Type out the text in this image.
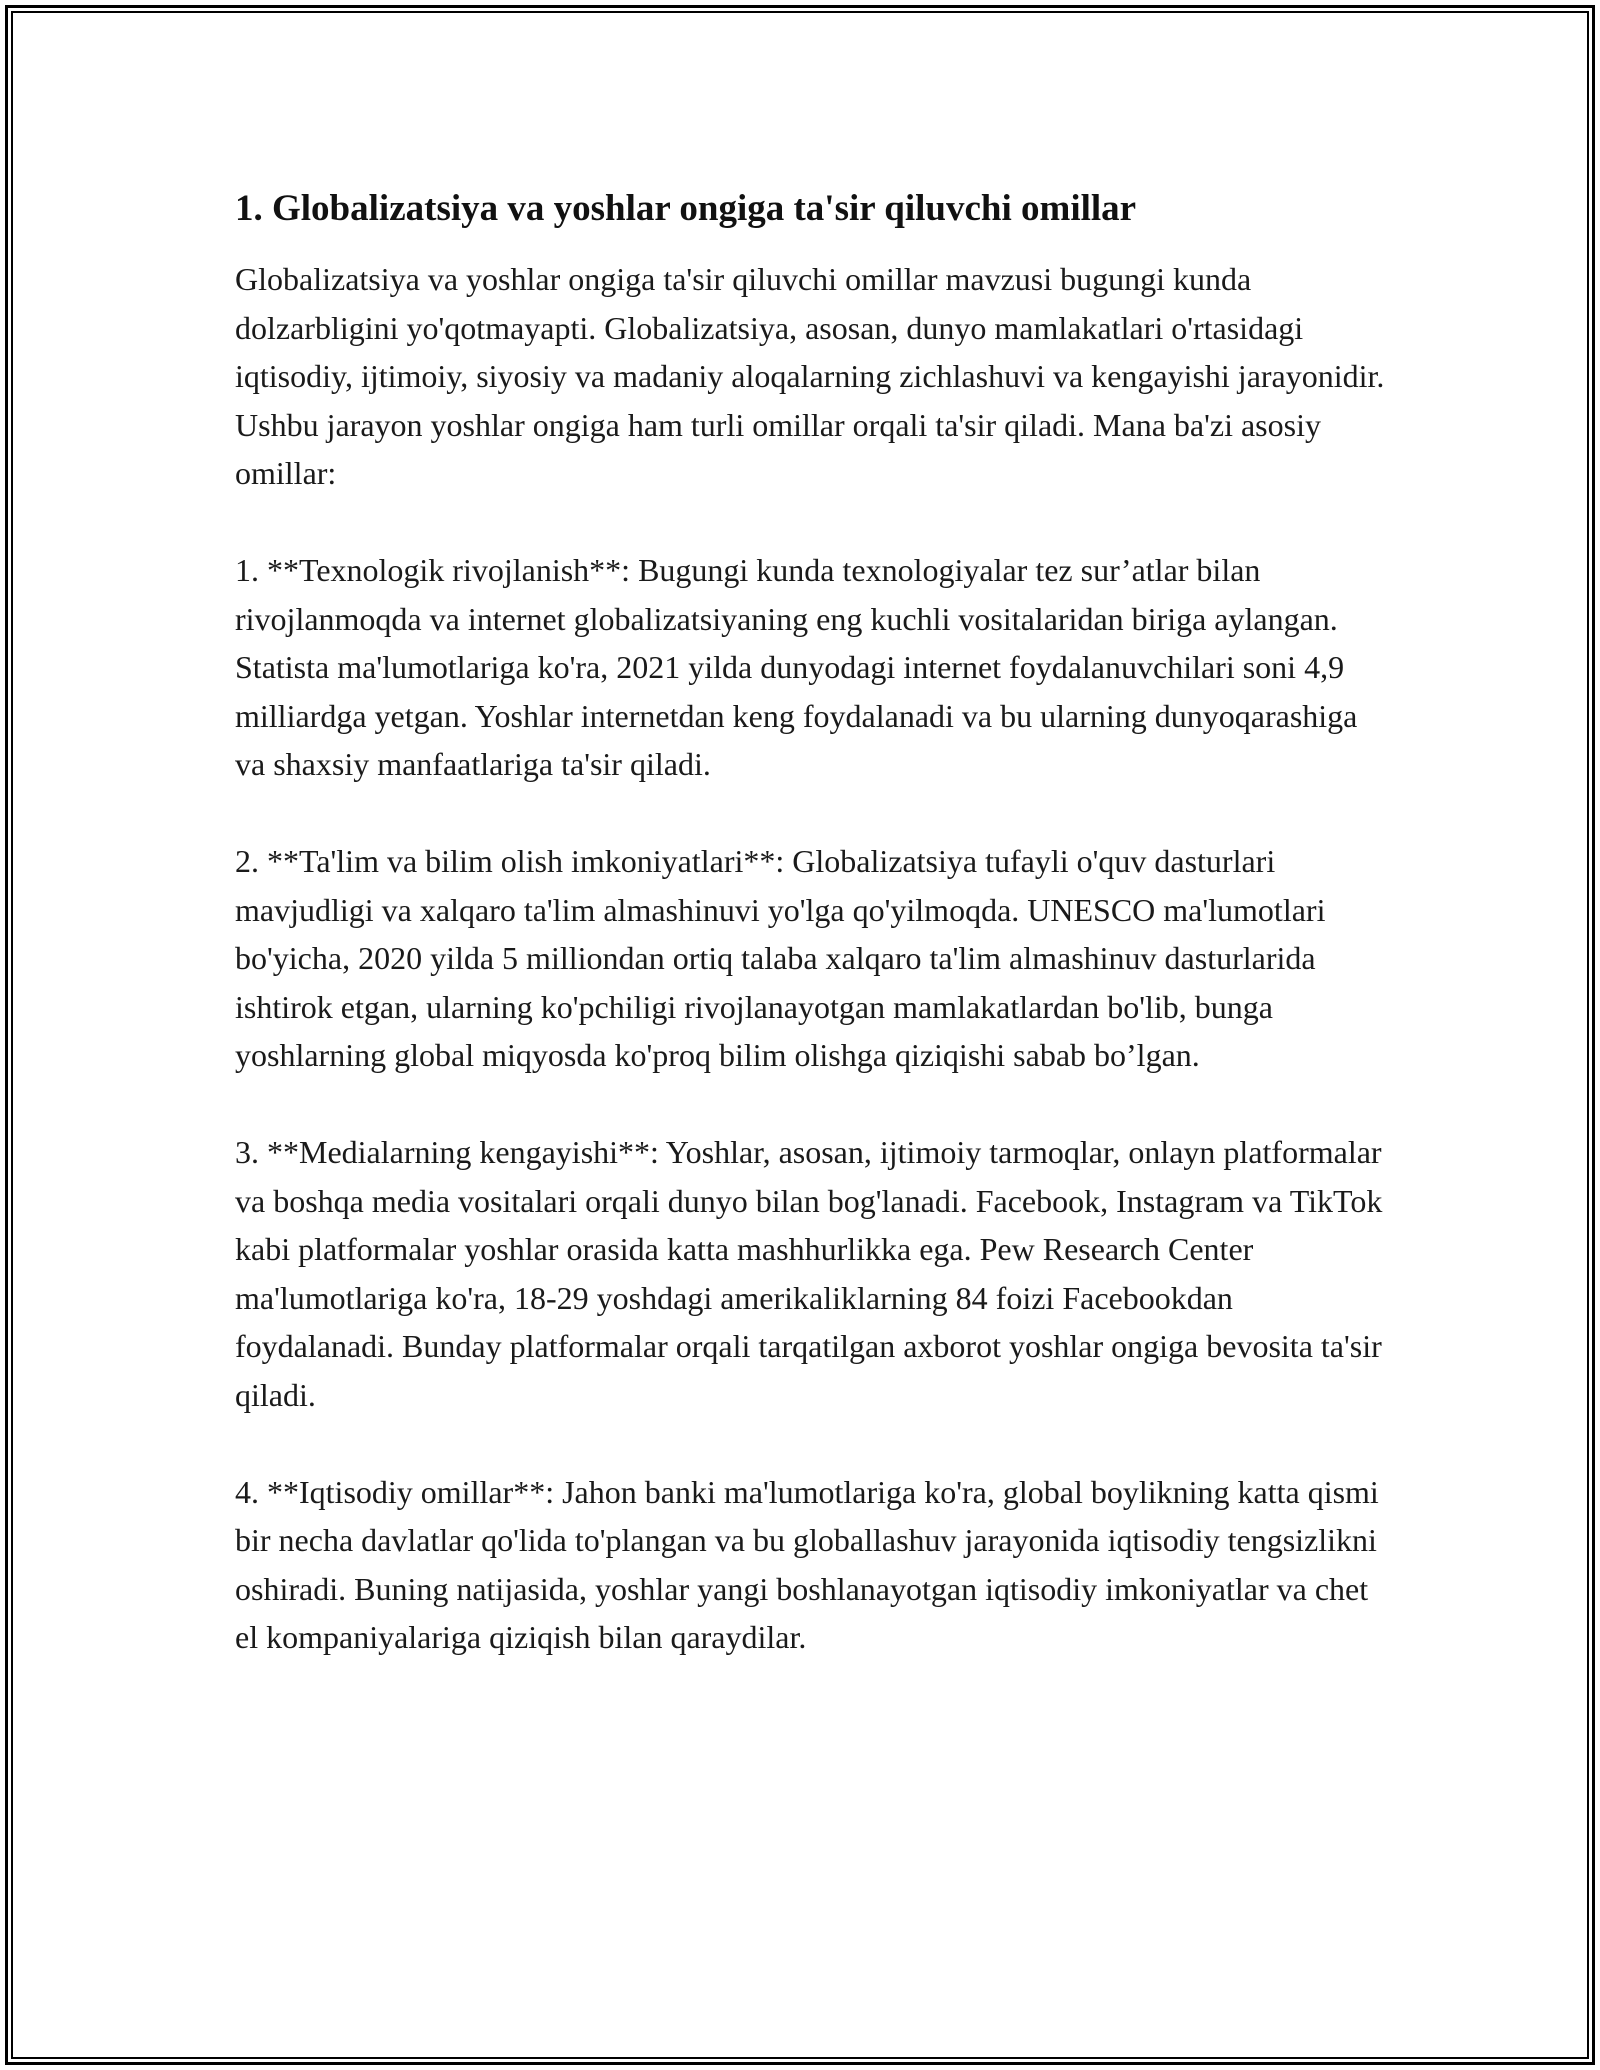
1. Globalizatsiya va yoshlar ongiga ta'sir qiluvchi omillar

Globalizatsiya va yoshlar ongiga ta'sir qiluvchi omillar mavzusi bugungi kunda dolzarbligini yo'qotmayapti. Globalizatsiya, asosan, dunyo mamlakatlari o'rtasidagi iqtisodiy, ijtimoiy, siyosiy va madaniy aloqalarning zichlashuvi va kengayishi jarayonidir. Ushbu jarayon yoshlar ongiga ham turli omillar orqali ta'sir qiladi. Mana ba'zi asosiy omillar:

1. **Texnologik rivojlanish**: Bugungi kunda texnologiyalar tez sur’atlar bilan rivojlanmoqda va internet globalizatsiyaning eng kuchli vositalaridan biriga aylangan. Statista ma'lumotlariga ko'ra, 2021 yilda dunyodagi internet foydalanuvchilari soni 4,9 milliardga yetgan. Yoshlar internetdan keng foydalanadi va bu ularning dunyoqarashiga va shaxsiy manfaatlariga ta'sir qiladi.

2. **Ta'lim va bilim olish imkoniyatlari**: Globalizatsiya tufayli o'quv dasturlari mavjudligi va xalqaro ta'lim almashinuvi yo'lga qo'yilmoqda. UNESCO ma'lumotlari bo'yicha, 2020 yilda 5 milliondan ortiq talaba xalqaro ta'lim almashinuv dasturlarida ishtirok etgan, ularning ko'pchiligi rivojlanayotgan mamlakatlardan bo'lib, bunga yoshlarning global miqyosda ko'proq bilim olishga qiziqishi sabab bo’lgan.

3. **Medialarning kengayishi**: Yoshlar, asosan, ijtimoiy tarmoqlar, onlayn platformalar va boshqa media vositalari orqali dunyo bilan bog'lanadi. Facebook, Instagram va TikTok kabi platformalar yoshlar orasida katta mashhurlikka ega. Pew Research Center ma'lumotlariga ko'ra, 18-29 yoshdagi amerikaliklarning 84 foizi Facebookdan foydalanadi. Bunday platformalar orqali tarqatilgan axborot yoshlar ongiga bevosita ta'sir qiladi.

4. **Iqtisodiy omillar**: Jahon banki ma'lumotlariga ko'ra, global boylikning katta qismi bir necha davlatlar qo'lida to'plangan va bu globallashuv jarayonida iqtisodiy tengsizlikni oshiradi. Buning natijasida, yoshlar yangi boshlanayotgan iqtisodiy imkoniyatlar va chet el kompaniyalariga qiziqish bilan qaraydilar.
